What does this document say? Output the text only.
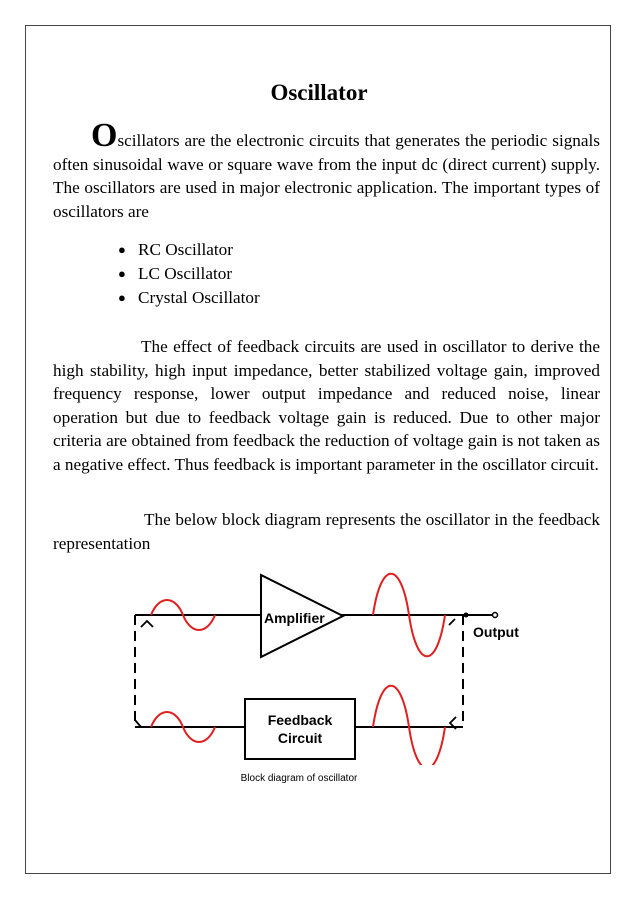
Oscillator

Oscillators are the electronic circuits that generates the periodic signals often sinusoidal wave or square wave from the input dc (direct current) supply. The oscillators are used in major electronic application. The important types of oscillators are

● RC Oscillator
● LC Oscillator
● Crystal Oscillator

The effect of feedback circuits are used in oscillator to derive the high stability, high input impedance, better stabilized voltage gain, improved frequency response, lower output impedance and reduced noise, linear operation but due to feedback voltage gain is reduced. Due to other major criteria are obtained from feedback the reduction of voltage gain is not taken as a negative effect. Thus feedback is important parameter in the oscillator circuit.

The below block diagram represents the oscillator in the feedback representation

Amplifier
Feedback
Circuit
Output
Block diagram of oscillator
